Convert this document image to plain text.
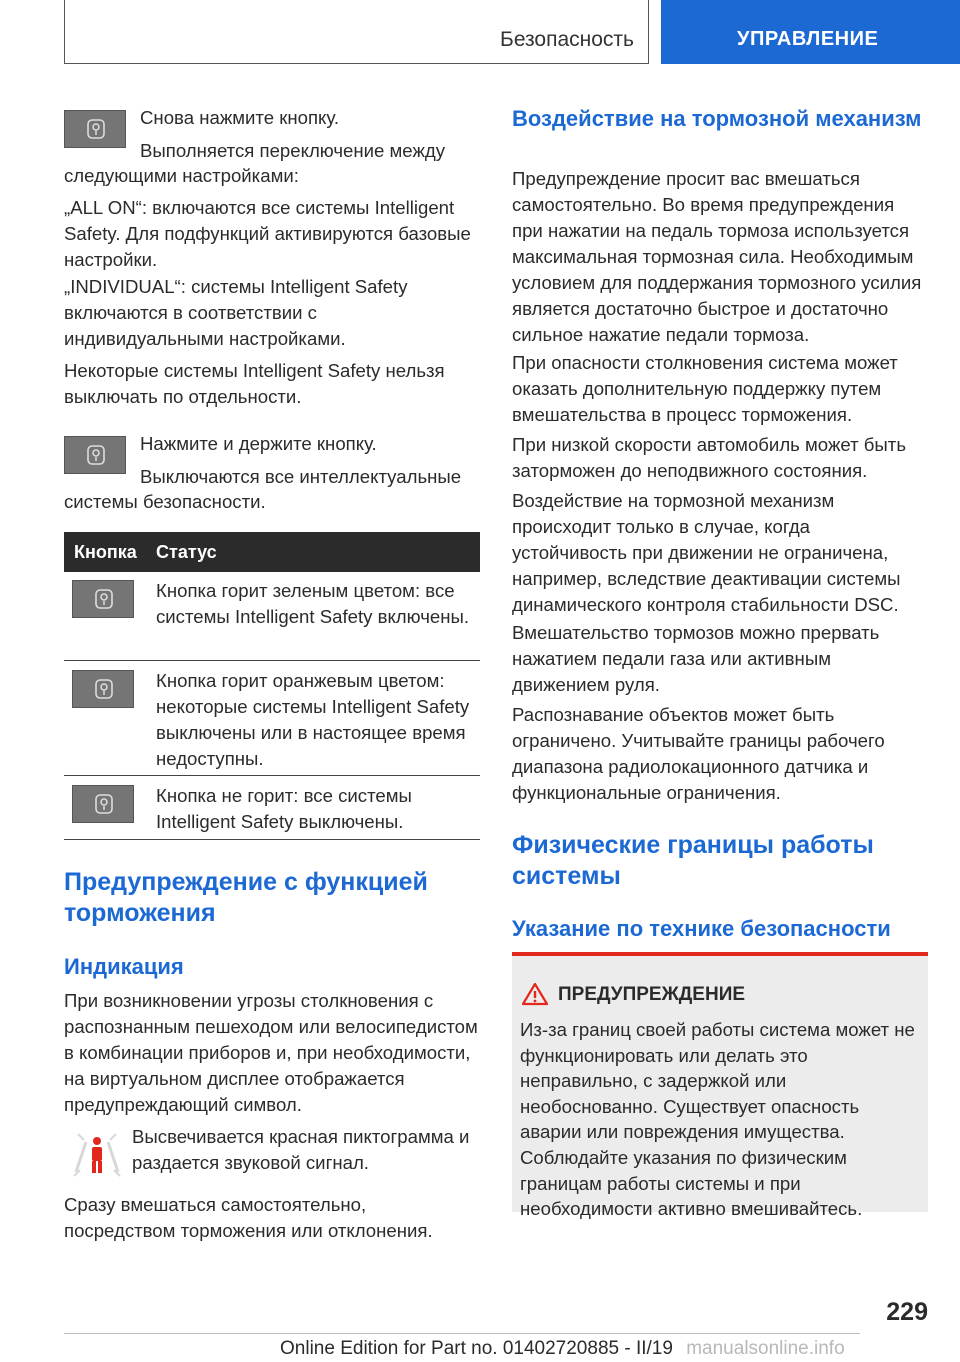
Безопасность	УПРАВЛЕНИЕ

Снова нажмите кнопку.

Выполняется переключение между

следующими настройками:

„ALL ON“: включаются все системы Intelligent Safety. Для подфункций активируются базовые настройки.

„INDIVIDUAL“: системы Intelligent Safety включаются в соответствии с индивидуальными настройками.

Некоторые системы Intelligent Safety нельзя выключать по отдельности.

Нажмите и держите кнопку.

Выключаются все интеллектуальные

системы безопасности.

Кнопка Статус

Кнопка горит зеленым цветом: все системы Intelligent Safety включены.

Кнопка горит оранжевым цветом: некоторые системы Intelligent Safety выключены или в настоящее время недоступны.

Кнопка не горит: все системы Intelligent Safety выключены.

Предупреждение с функцией торможения
Индикация

При возникновении угрозы столкновения с распознанным пешеходом или велосипедистом в комбинации приборов и, при необходимости, на виртуальном дисплее отображается предупреждающий символ.

Высвечивается красная пиктограмма и раздается звуковой сигнал.

Сразу вмешаться самостоятельно, посредством торможения или отклонения.

Воздействие на тормозной механизм

Предупреждение просит вас вмешаться самостоятельно. Во время предупреждения при нажатии на педаль тормоза используется максимальная тормозная сила. Необходимым условием для поддержания тормозного усилия является достаточно быстрое и достаточно сильное нажатие педали тормоза.

При опасности столкновения система может оказать дополнительную поддержку путем вмешательства в процесс торможения.

При низкой скорости автомобиль может быть заторможен до неподвижного состояния.

Воздействие на тормозной механизм происходит только в случае, когда устойчивость при движении не ограничена, например, вследствие деактивации системы динамического контроля стабильности DSC.

Вмешательство тормозов можно прервать нажатием педали газа или активным движением руля.

Распознавание объектов может быть ограничено. Учитывайте границы рабочего диапазона радиолокационного датчика и функциональные ограничения.

Физические границы работы системы
Указание по технике безопасности
ПРЕДУПРЕЖДЕНИЕ

Из-за границ своей работы система может не функционировать или делать это неправильно, с задержкой или необоснованно. Существует опасность аварии или повреждения имущества. Соблюдайте указания по физическим границам работы системы и при необходимости активно вмешивайтесь.

229
Online Edition for Part no. 01402720885 - II/19 manualsonline.info
